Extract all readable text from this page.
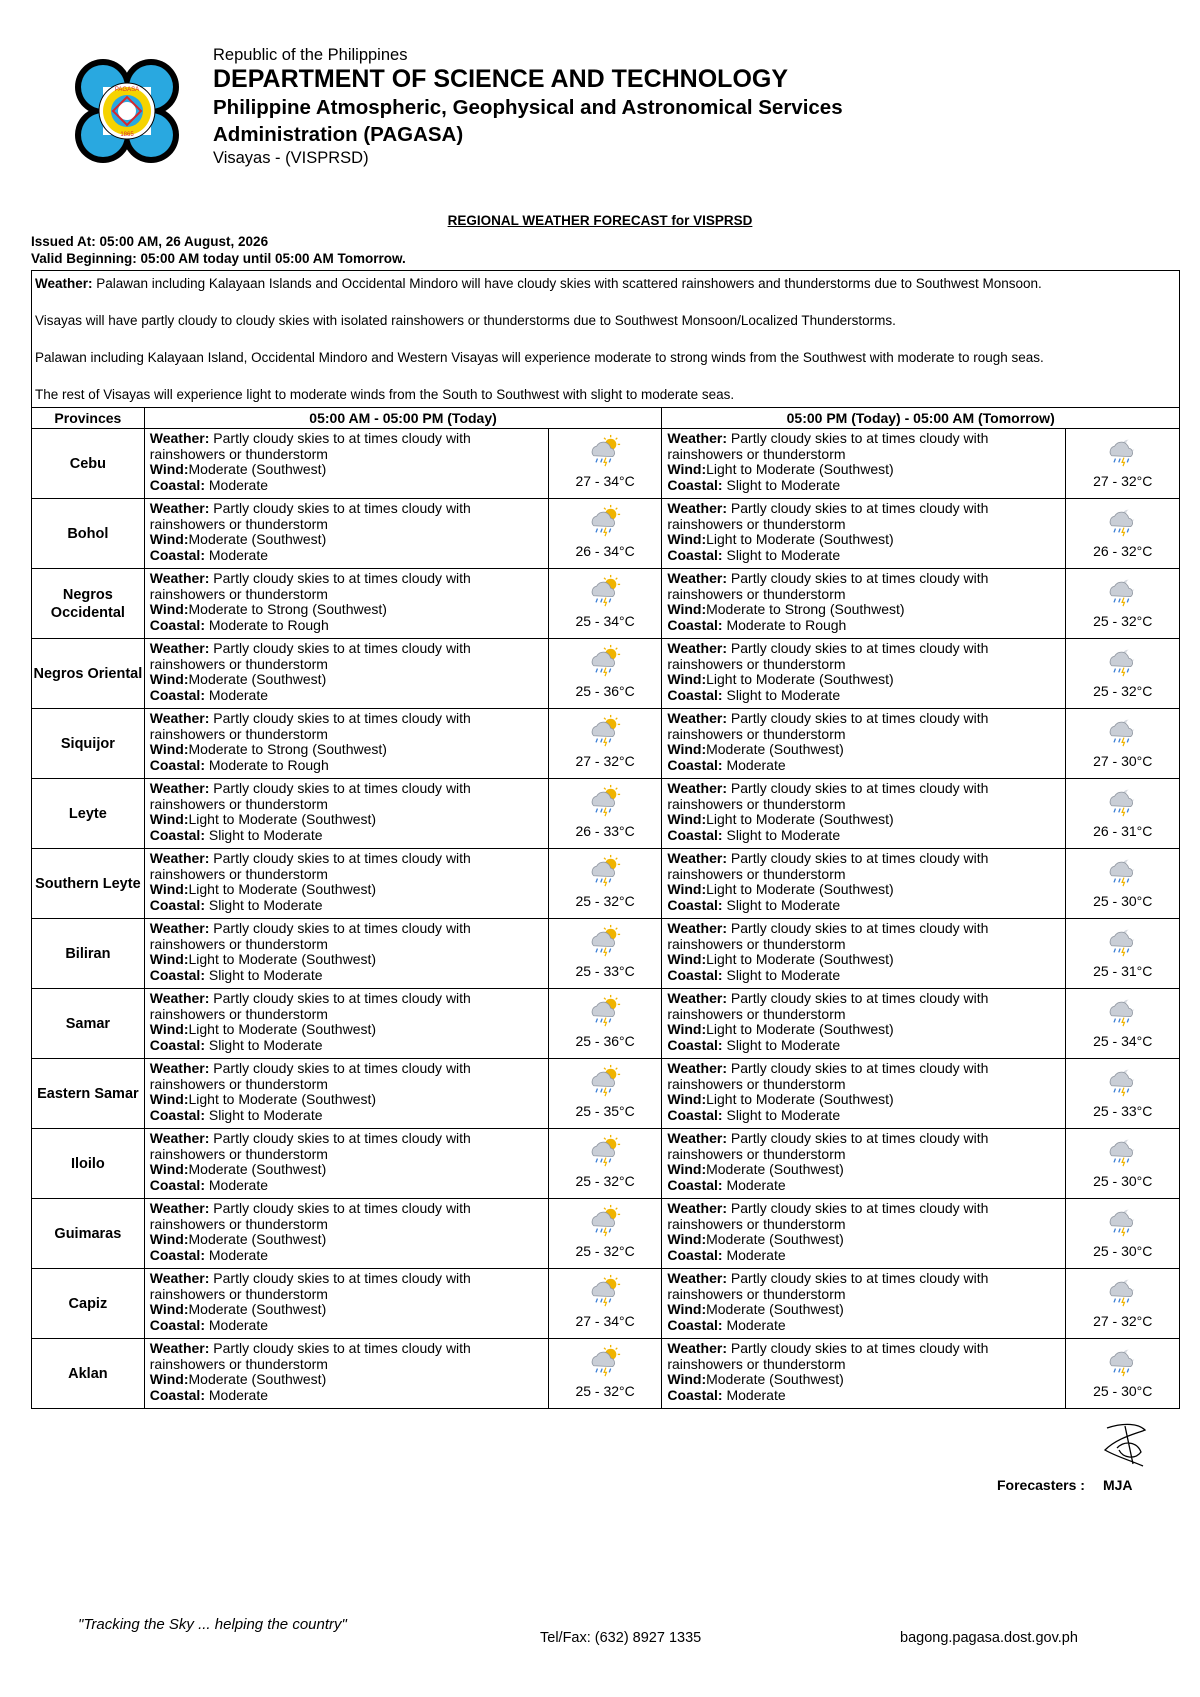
PAGASA
1865
Republic of the Philippines
DEPARTMENT OF SCIENCE AND TECHNOLOGY
Philippine Atmospheric, Geophysical and Astronomical Services
Administration (PAGASA)
Visayas - (VISPRSD)
REGIONAL WEATHER FORECAST for VISPRSD
Issued At: 05:00 AM, 26 August, 2026
Valid Beginning: 05:00 AM today until 05:00 AM Tomorrow.

Weather: Palawan including Kalayaan Islands and Occidental Mindoro will have cloudy skies with scattered rainshowers and thunderstorms due to Southwest Monsoon.

Visayas will have partly cloudy to cloudy skies with isolated rainshowers or thunderstorms due to Southwest Monsoon/Localized Thunderstorms.

Palawan including Kalayaan Island, Occidental Mindoro and Western Visayas will experience moderate to strong winds from the Southwest with moderate to rough seas.

The rest of Visayas will experience light to moderate winds from the South to Southwest with slight to moderate seas.				

Provinces	05:00 AM - 05:00 PM (Today)		05:00 PM (Today) - 05:00 AM (Tomorrow)	
Cebu	Weather: Partly cloudy skies to at times cloudy with rainshowers or thunderstorm
Wind:Moderate (Southwest)
Coastal: Moderate	27 - 34°C	Weather: Partly cloudy skies to at times cloudy with rainshowers or thunderstorm
Wind:Light to Moderate (Southwest)
Coastal: Slight to Moderate	27 - 32°C

Bohol	Weather: Partly cloudy skies to at times cloudy with rainshowers or thunderstorm
Wind:Moderate (Southwest)
Coastal: Moderate	26 - 34°C	Weather: Partly cloudy skies to at times cloudy with rainshowers or thunderstorm
Wind:Light to Moderate (Southwest)
Coastal: Slight to Moderate	26 - 32°C

Negros Occidental	Weather: Partly cloudy skies to at times cloudy with rainshowers or thunderstorm
Wind:Moderate to Strong (Southwest)
Coastal: Moderate to Rough	25 - 34°C	Weather: Partly cloudy skies to at times cloudy with rainshowers or thunderstorm
Wind:Moderate to Strong (Southwest)
Coastal: Moderate to Rough	25 - 32°C

Negros Oriental	Weather: Partly cloudy skies to at times cloudy with rainshowers or thunderstorm
Wind:Moderate (Southwest)
Coastal: Moderate	25 - 36°C	Weather: Partly cloudy skies to at times cloudy with rainshowers or thunderstorm
Wind:Light to Moderate (Southwest)
Coastal: Slight to Moderate	25 - 32°C

Siquijor	Weather: Partly cloudy skies to at times cloudy with rainshowers or thunderstorm
Wind:Moderate to Strong (Southwest)
Coastal: Moderate to Rough	27 - 32°C	Weather: Partly cloudy skies to at times cloudy with rainshowers or thunderstorm
Wind:Moderate (Southwest)
Coastal: Moderate	27 - 30°C

Leyte	Weather: Partly cloudy skies to at times cloudy with rainshowers or thunderstorm
Wind:Light to Moderate (Southwest)
Coastal: Slight to Moderate	26 - 33°C	Weather: Partly cloudy skies to at times cloudy with rainshowers or thunderstorm
Wind:Light to Moderate (Southwest)
Coastal: Slight to Moderate	26 - 31°C

Southern Leyte	Weather: Partly cloudy skies to at times cloudy with rainshowers or thunderstorm
Wind:Light to Moderate (Southwest)
Coastal: Slight to Moderate	25 - 32°C	Weather: Partly cloudy skies to at times cloudy with rainshowers or thunderstorm
Wind:Light to Moderate (Southwest)
Coastal: Slight to Moderate	25 - 30°C

Biliran	Weather: Partly cloudy skies to at times cloudy with rainshowers or thunderstorm
Wind:Light to Moderate (Southwest)
Coastal: Slight to Moderate	25 - 33°C	Weather: Partly cloudy skies to at times cloudy with rainshowers or thunderstorm
Wind:Light to Moderate (Southwest)
Coastal: Slight to Moderate	25 - 31°C

Samar	Weather: Partly cloudy skies to at times cloudy with rainshowers or thunderstorm
Wind:Light to Moderate (Southwest)
Coastal: Slight to Moderate	25 - 36°C	Weather: Partly cloudy skies to at times cloudy with rainshowers or thunderstorm
Wind:Light to Moderate (Southwest)
Coastal: Slight to Moderate	25 - 34°C

Eastern Samar	Weather: Partly cloudy skies to at times cloudy with rainshowers or thunderstorm
Wind:Light to Moderate (Southwest)
Coastal: Slight to Moderate	25 - 35°C	Weather: Partly cloudy skies to at times cloudy with rainshowers or thunderstorm
Wind:Light to Moderate (Southwest)
Coastal: Slight to Moderate	25 - 33°C

Iloilo	Weather: Partly cloudy skies to at times cloudy with rainshowers or thunderstorm
Wind:Moderate (Southwest)
Coastal: Moderate	25 - 32°C	Weather: Partly cloudy skies to at times cloudy with rainshowers or thunderstorm
Wind:Moderate (Southwest)
Coastal: Moderate	25 - 30°C

Guimaras	Weather: Partly cloudy skies to at times cloudy with rainshowers or thunderstorm
Wind:Moderate (Southwest)
Coastal: Moderate	25 - 32°C	Weather: Partly cloudy skies to at times cloudy with rainshowers or thunderstorm
Wind:Moderate (Southwest)
Coastal: Moderate	25 - 30°C

Capiz	Weather: Partly cloudy skies to at times cloudy with rainshowers or thunderstorm
Wind:Moderate (Southwest)
Coastal: Moderate	27 - 34°C	Weather: Partly cloudy skies to at times cloudy with rainshowers or thunderstorm
Wind:Moderate (Southwest)
Coastal: Moderate	27 - 32°C

Aklan	Weather: Partly cloudy skies to at times cloudy with rainshowers or thunderstorm
Wind:Moderate (Southwest)
Coastal: Moderate	25 - 32°C	Weather: Partly cloudy skies to at times cloudy with rainshowers or thunderstorm
Wind:Moderate (Southwest)
Coastal: Moderate	25 - 30°C
Forecasters : MJA
"Tracking the Sky ... helping the country"
Tel/Fax: (632) 8927 1335	bagong.pagasa.dost.gov.ph
